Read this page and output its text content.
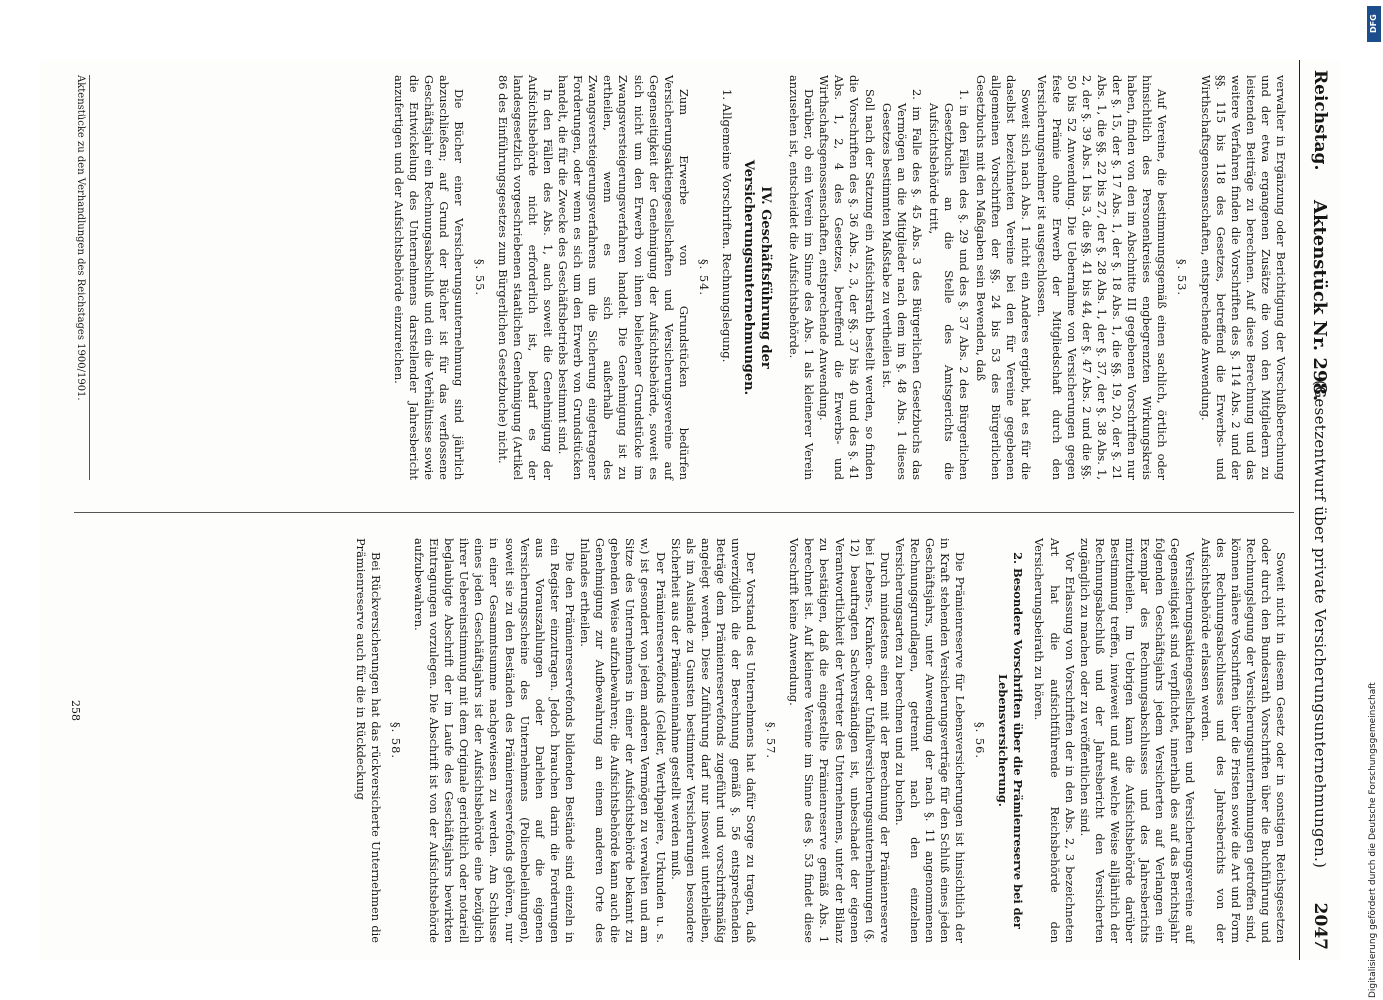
Reichstag.
Aktenstück Nr. 298.
(Gesetzentwurf über private Versicherungsunternehmungen.)
2047

verwalter in Ergänzung oder Berichtigung der Vorschußberechnung und der etwa ergangenen Zusätze die von den Mitgliedern zu leistenden Beiträge zu berechnen. Auf diese Berechnung und das weitere Verfahren finden die Vorschriften des §. 114 Abs. 2 und der §§. 115 bis 118 des Gesetzes, betreffend die Erwerbs- und Wirthschaftsgenossenschaften, entsprechende Anwendung.

§. 53.

Auf Vereine, die bestimmungsgemäß einen sachlich, örtlich oder hinsichtlich des Personenkreises engbegrenzten Wirkungskreis haben, finden von den im Abschnitte III gegebenen Vorschriften nur der §. 15, der §. 17 Abs. 1, der §. 18 Abs. 1, die §§. 19, 20, der §. 21 Abs. 1, die §§. 22 bis 27, der §. 28 Abs. 1, der §. 37, der §. 38 Abs. 1, 2, der §. 39 Abs. 1 bis 3, die §§. 41 bis 44, der §. 47 Abs. 2 und die §§. 50 bis 52 Anwendung. Die Uebernahme von Versicherungen gegen feste Prämie ohne Erwerb der Mitgliedschaft durch den Versicherungsnehmer ist ausgeschlossen.

Soweit sich nach Abs. 1 nicht ein Anderes ergiebt, hat es für die daselbst bezeichneten Vereine bei den für Vereine gegebenen allgemeinen Vorschriften der §§. 24 bis 53 des Bürgerlichen Gesetzbuchs mit den Maßgaben sein Bewenden, daß

1. in den Fällen des §. 29 und des §. 37 Abs. 2 des Bürgerlichen Gesetzbuchs an die Stelle des Amtsgerichts die Aufsichtsbehörde tritt,
2. im Falle des §. 45 Abs. 3 des Bürgerlichen Gesetzbuchs das Vermögen an die Mitglieder nach dem im §. 48 Abs. 1 dieses Gesetzes bestimmten Maßstabe zu vertheilen ist.

Soll nach der Satzung ein Aufsichtsrath bestellt werden, so finden die Vorschriften des §. 36 Abs. 2, 3, der §§. 37 bis 40 und des §. 41 Abs. 1, 2, 4 des Gesetzes, betreffend die Erwerbs- und Wirthschaftsgenossenschaften, entsprechende Anwendung.

Darüber, ob ein Verein im Sinne des Abs. 1 als kleinerer Verein anzusehen ist, entscheidet die Aufsichtsbehörde.

IV. Geschäftsführung der Versicherungsunternehmungen.
1. Allgemeine Vorschriften. Rechnungslegung.
§. 54.

Zum Erwerbe von Grundstücken bedürfen Versicherungsaktiengesellschaften und Versicherungsvereine auf Gegenseitigkeit der Genehmigung der Aufsichtsbehörde, soweit es sich nicht um den Erwerb von ihnen beliehener Grundstücke im Zwangsversteigerungsverfahren handelt. Die Genehmigung ist zu ertheilen, wenn es sich außerhalb des Zwangsversteigerungsverfahrens um die Sicherung eingetragener Forderungen, oder wenn es sich um den Erwerb von Grundstücken handelt, die für die Zwecke des Geschäftsbetriebs bestimmt sind.

In den Fällen des Abs. 1, auch soweit die Genehmigung der Aufsichtsbehörde nicht erforderlich ist, bedarf es der landesgesetzlich vorgeschriebenen staatlichen Genehmigung (Artikel 86 des Einführungsgesetzes zum Bürgerlichen Gesetzbuche) nicht.

§. 55.

Die Bücher einer Versicherungsunternehmung sind jährlich abzuschließen; auf Grund der Bücher ist für das verflossene Geschäftsjahr ein Rechnungsabschluß und ein die Verhältnisse sowie die Entwickelung des Unternehmens darstellender Jahresbericht anzufertigen und der Aufsichtsbehörde einzureichen.

Soweit nicht in diesem Gesetz oder in sonstigen Reichsgesetzen oder durch den Bundesrath Vorschriften über die Buchführung und Rechnungslegung der Versicherungsunternehmungen getroffen sind, können nähere Vorschriften über die Fristen sowie die Art und Form des Rechnungsabschlusses und des Jahresberichts von der Aufsichtsbehörde erlassen werden.

Versicherungsaktiengesellschaften und Versicherungsvereine auf Gegenseitigkeit sind verpflichtet, innerhalb des auf das Berichtsjahr folgenden Geschäftsjahrs jedem Versicherten auf Verlangen ein Exemplar des Rechnungsabschlusses und des Jahresberichts mitzutheilen. Im Uebrigen kann die Aufsichtsbehörde darüber Bestimmung treffen, inwieweit und auf welche Weise alljährlich der Rechnungsabschluß und der Jahresbericht den Versicherten zugänglich zu machen oder zu veröffentlichen sind.

Vor Erlassung von Vorschriften der in den Abs. 2, 3 bezeichneten Art hat die aufsichtführende Reichsbehörde den Versicherungsbeirath zu hören.

2. Besondere Vorschriften über die Prämienreserve bei der Lebensversicherung.
§. 56.

Die Prämienreserve für Lebensversicherungen ist hinsichtlich der in Kraft stehenden Versicherungsverträge für den Schluß eines jeden Geschäftsjahrs, unter Anwendung der nach §. 11 angenommenen Rechnungsgrundlagen, getrennt nach den einzelnen Versicherungsarten zu berechnen und zu buchen.

Durch mindestens einen mit der Berechnung der Prämienreserve bei Lebens-, Kranken- oder Unfallversicherungsunternehmungen (§. 12) beauftragten Sachverständigen ist, unbeschadet der eigenen Verantwortlichkeit der Vertreter des Unternehmens, unter der Bilanz zu bestätigen, daß die eingestellte Prämienreserve gemäß Abs. 1 berechnet ist. Auf kleinere Vereine im Sinne des §. 53 findet diese Vorschrift keine Anwendung.

§. 57.

Der Vorstand des Unternehmens hat dafür Sorge zu tragen, daß unverzüglich die der Berechnung gemäß §. 56 entsprechenden Beträge dem Prämienreservefonds zugeführt und vorschriftsmäßig angelegt werden. Diese Zuführung darf nur insoweit unterbleiben, als im Auslande zu Gunsten bestimmter Versicherungen besondere Sicherheit aus der Prämieneinnahme gestellt werden muß.

Der Prämienreservefonds (Gelder, Werthpapiere, Urkunden u. s. w.) ist gesondert von jedem anderen Vermögen zu verwalten und am Sitze des Unternehmens in einer der Aufsichtsbehörde bekannt zu gebenden Weise aufzubewahren; die Aufsichtsbehörde kann auch die Genehmigung zur Aufbewahrung an einem anderen Orte des Inlandes ertheilen.

Die den Prämienreservefonds bildenden Bestände sind einzeln in ein Register einzutragen. Jedoch brauchen darin die Forderungen aus Vorauszahlungen oder Darlehen auf die eigenen Versicherungsscheine des Unternehmens (Policenbeleihungen), soweit sie zu den Beständen des Prämienreservefonds gehören, nur in einer Gesammtsumme nachgewiesen zu werden. Am Schlusse eines jeden Geschäftsjahrs ist der Aufsichtsbehörde eine bezüglich ihrer Uebereinstimmung mit dem Originale gerichtlich oder notariell beglaubigte Abschrift der im Laufe des Geschäftsjahrs bewirkten Eintragungen vorzulegen. Die Abschrift ist von der Aufsichtsbehörde aufzubewahren.

§. 58.

Bei Rückversicherungen hat das rückversicherte Unternehmen die Prämienreserve auch für die in Rückdeckung

Aktenstücke zu den Verhandlungen des Reichstages 1900/1901.
258
DFG
Digitalisierung gefördert durch die Deutsche Forschungsgemeinschaft
